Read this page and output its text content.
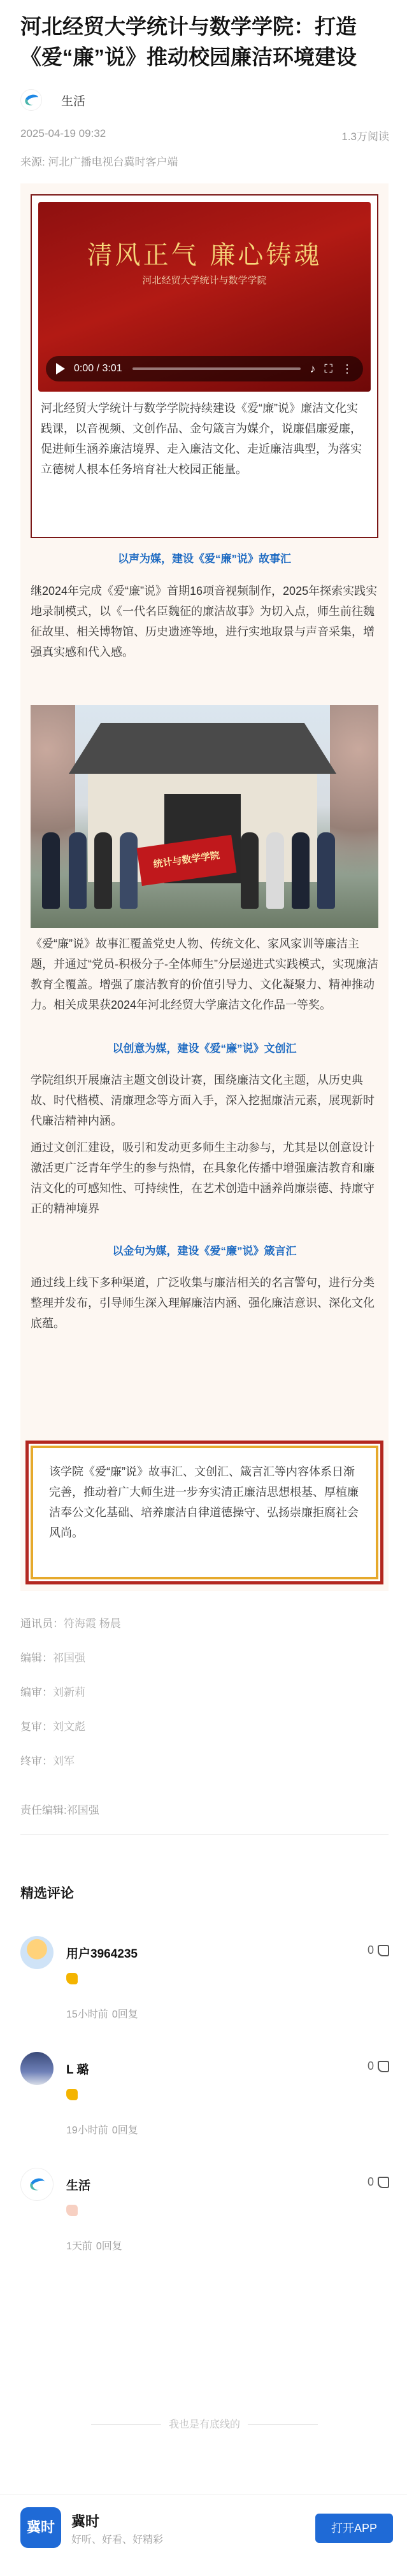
河北经贸大学统计与数学学院：打造《爱“廉”说》推动校园廉洁环境建设
生活
2025-04-19 09:32	1.3万阅读
来源: 河北广播电视台冀时客户端
清风正气 廉心铸魂
河北经贸大学统计与数学学院
0:00 / 3:01	♪ ⛶ ⋮

河北经贸大学统计与数学学院持续建设《爱“廉”说》廉洁文化实践课，以音视频、文创作品、金句箴言为媒介，说廉倡廉爱廉，促进师生涵养廉洁境界、走入廉洁文化、走近廉洁典型，为落实立德树人根本任务培育社大校园正能量。

以声为媒，建设《爱“廉”说》故事汇

继2024年完成《爱“廉”说》首期16项音视频制作，2025年探索实践实地录制模式，以《一代名臣魏征的廉洁故事》为切入点，师生前往魏征故里、相关博物馆、历史遗迹等地，进行实地取景与声音采集，增强真实感和代入感。

统计与数学学院

《爱“廉”说》故事汇覆盖党史人物、传统文化、家风家训等廉洁主题，并通过“党员-积极分子-全体师生”分层递进式实践模式，实现廉洁教育全覆盖。增强了廉洁教育的价值引导力、文化凝聚力、精神推动力。相关成果获2024年河北经贸大学廉洁文化作品一等奖。

以创意为媒，建设《爱“廉”说》文创汇

学院组织开展廉洁主题文创设计赛，围绕廉洁文化主题，从历史典故、时代楷模、清廉理念等方面入手，深入挖掘廉洁元素，展现新时代廉洁精神内涵。

通过文创汇建设，吸引和发动更多师生主动参与，尤其是以创意设计激活更广泛青年学生的参与热情，在具象化传播中增强廉洁教育和廉洁文化的可感知性、可持续性，在艺术创造中涵养尚廉崇德、持廉守正的精神境界

以金句为媒，建设《爱“廉”说》箴言汇

通过线上线下多种渠道，广泛收集与廉洁相关的名言警句，进行分类整理并发布，引导师生深入理解廉洁内涵、强化廉洁意识、深化文化底蕴。

该学院《爱“廉”说》故事汇、文创汇、箴言汇等内容体系日渐完善，推动着广大师生进一步夯实清正廉洁思想根基、厚植廉洁奉公文化基础、培养廉洁自律道德操守、弘扬崇廉拒腐社会风尚。

通讯员：符海霞 杨晨
编辑：祁国强
编审：刘新莉
复审：刘文彪
终审：刘军
责任编辑:祁国强
精选评论
用户3964235	0
15小时前 0回复
L 璐	0
19小时前 0回复
生活	0
1天前 0回复
我也是有底线的
冀时	冀时
好听、好看、好精彩
打开APP
